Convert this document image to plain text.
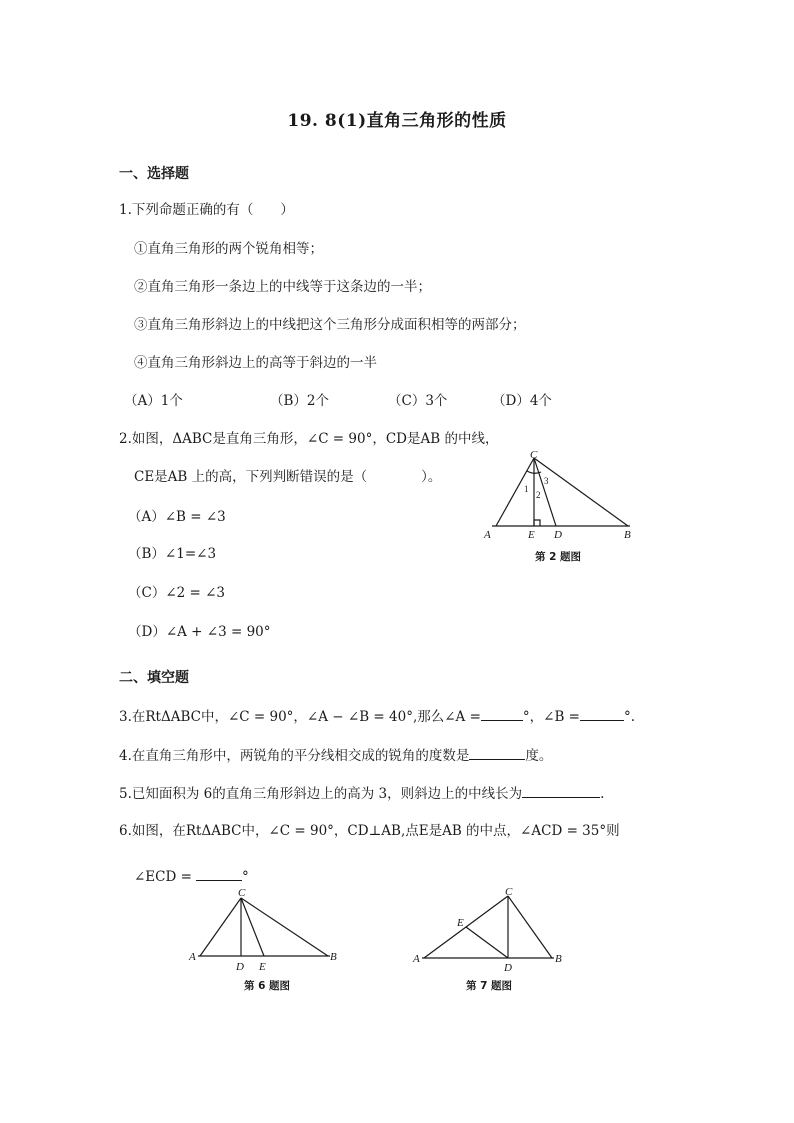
19. 8(1)直角三角形的性质
一、选择题
1.下列命题正确的有（　　）
①直角三角形的两个锐角相等；
②直角三角形一条边上的中线等于这条边的一半；
③直角三角形斜边上的中线把这个三角形分成面积相等的两部分；
④直角三角形斜边上的高等于斜边的一半
（A）1个	（B）2个	（C）3个	（D）4个
2.如图，ΔABC是直角三角形，∠C = 90°，CD是AB 的中线，
CE是AB 上的高，下列判断错误的是（　　　　）。
（A）∠B = ∠3
（B）∠1=∠3
（C）∠2 = ∠3
（D）∠A + ∠3 = 90°
C
A	E D	B
1
2
3
第 2 题图
二、填空题
3.在RtΔABC中，∠C = 90°，∠A − ∠B = 40°,那么∠A =	°，∠B =	°.
4.在直角三角形中，两锐角的平分线相交成的锐角的度数是	度。
5.已知面积为 6的直角三角形斜边上的高为 3，则斜边上的中线长为	.
6.如图，在RtΔABC中，∠C = 90°，CD⊥AB,点E是AB 的中点，∠ACD = 35°则
∠ECD =	°
C
A
D E
B
第 6 题图
C
E
A
D
B
第 7 题图
